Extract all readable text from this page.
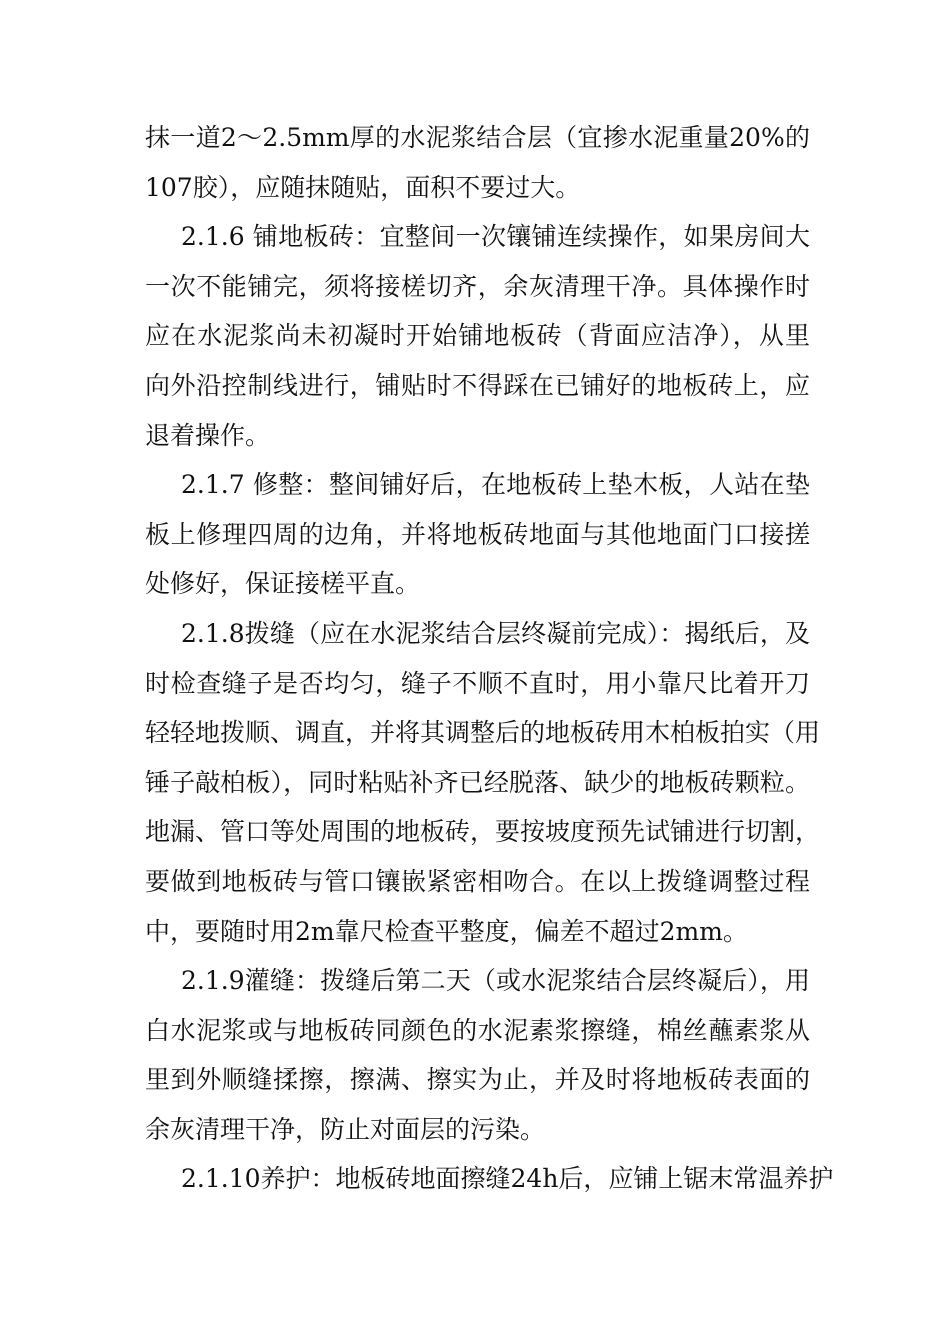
抹一道2～2.5mm厚的水泥浆结合层（宜掺水泥重量20%的
107胶），应随抹随贴，面积不要过大。
2.1.6 铺地板砖：宜整间一次镶铺连续操作，如果房间大
一次不能铺完，须将接槎切齐，余灰清理干净。具体操作时
应在水泥浆尚未初凝时开始铺地板砖（背面应洁净），从里
向外沿控制线进行，铺贴时不得踩在已铺好的地板砖上，应
退着操作。
2.1.7 修整：整间铺好后，在地板砖上垫木板，人站在垫
板上修理四周的边角，并将地板砖地面与其他地面门口接搓
处修好，保证接槎平直。
2.1.8拨缝（应在水泥浆结合层终凝前完成）：揭纸后，及
时检查缝子是否均匀，缝子不顺不直时，用小靠尺比着开刀
轻轻地拨顺、调直，并将其调整后的地板砖用木柏板拍实（用
锤子敲柏板），同时粘贴补齐已经脱落、缺少的地板砖颗粒。
地漏、管口等处周围的地板砖，要按坡度预先试铺进行切割，
要做到地板砖与管口镶嵌紧密相吻合。在以上拨缝调整过程
中，要随时用2m靠尺检查平整度，偏差不超过2mm。
2.1.9灌缝：拨缝后第二天（或水泥浆结合层终凝后），用
白水泥浆或与地板砖同颜色的水泥素浆擦缝，棉丝蘸素浆从
里到外顺缝揉擦，擦满、擦实为止，并及时将地板砖表面的
余灰清理干净，防止对面层的污染。
2.1.10养护：地板砖地面擦缝24h后，应铺上锯末常温养护
